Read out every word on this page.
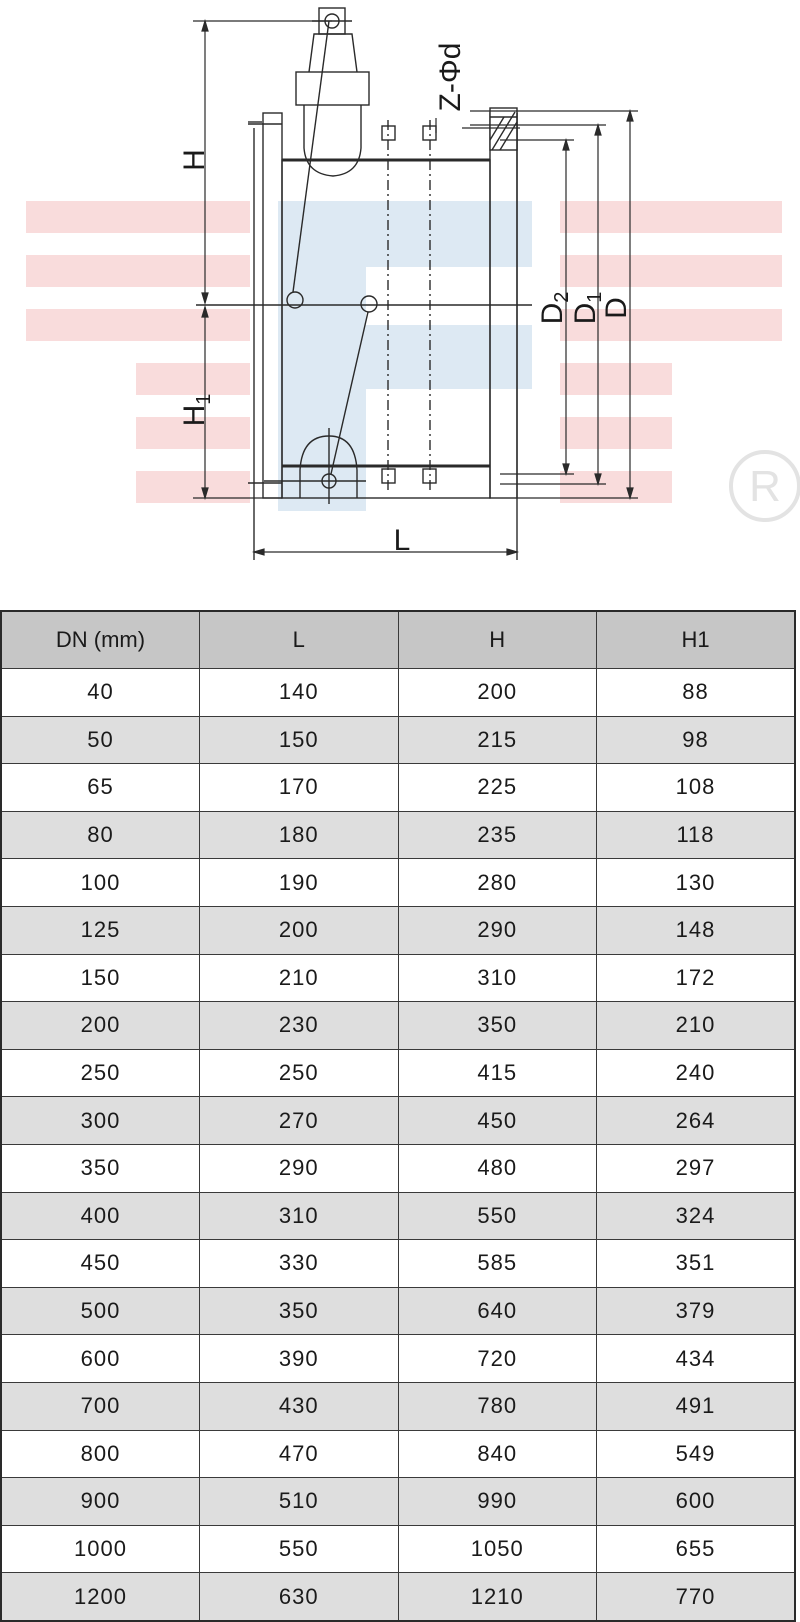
R
H
$H_1$
L
Z-Φd
$D_2$
$D_1$
D
DN (mm)	L	H	H1
40	140	200	88
50	150	215	98
65	170	225	108
80	180	235	118
100	190	280	130
125	200	290	148
150	210	310	172
200	230	350	210
250	250	415	240
300	270	450	264
350	290	480	297
400	310	550	324
450	330	585	351
500	350	640	379
600	390	720	434
700	430	780	491
800	470	840	549
900	510	990	600
1000	550	1050	655
1200	630	1210	770
